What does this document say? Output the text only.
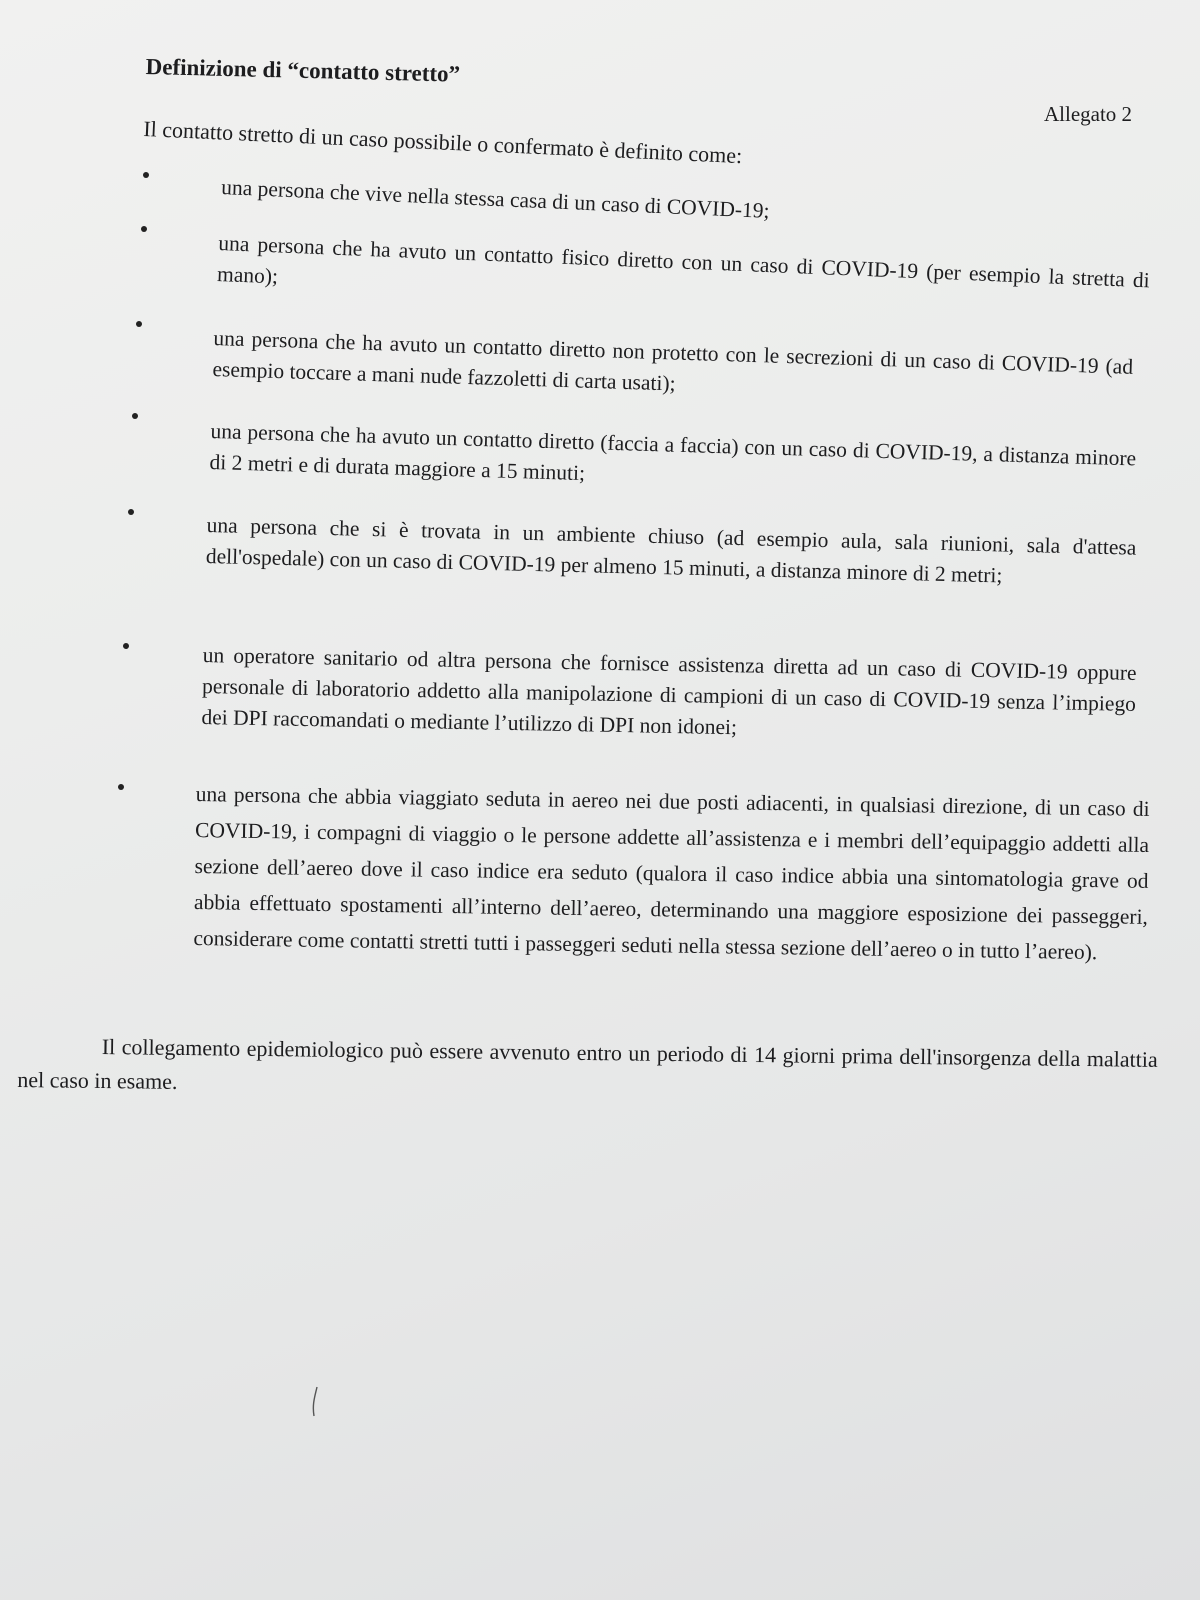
Definizione di “contatto stretto”
Allegato 2
Il contatto stretto di un caso possibile o confermato è definito come:
una persona che vive nella stessa casa di un caso di COVID-19;
una persona che ha avuto un contatto fisico diretto con un caso di COVID-19 (per esempio la stretta di mano);
una persona che ha avuto un contatto diretto non protetto con le secrezioni di un caso di COVID-19 (ad esempio toccare a mani nude fazzoletti di carta usati);
una persona che ha avuto un contatto diretto (faccia a faccia) con un caso di COVID-19, a distanza minore di 2 metri e di durata maggiore a 15 minuti;
una persona che si è trovata in un ambiente chiuso (ad esempio aula, sala riunioni, sala d'attesa dell'ospedale) con un caso di COVID-19 per almeno 15 minuti, a distanza minore di 2 metri;
un operatore sanitario od altra persona che fornisce assistenza diretta ad un caso di COVID-19 oppure personale di laboratorio addetto alla manipolazione di campioni di un caso di COVID-19 senza l’impiego dei DPI raccomandati o mediante l’utilizzo di DPI non idonei;
una persona che abbia viaggiato seduta in aereo nei due posti adiacenti, in qualsiasi direzione, di un caso di COVID-19, i compagni di viaggio o le persone addette all’assistenza e i membri dell’equipaggio addetti alla sezione dell’aereo dove il caso indice era seduto (qualora il caso indice abbia una sintomatologia grave od abbia effettuato spostamenti all’interno dell’aereo, determinando una maggiore esposizione dei passeggeri, considerare come contatti stretti tutti i passeggeri seduti nella stessa sezione dell’aereo o in tutto l’aereo).
Il collegamento epidemiologico può essere avvenuto entro un periodo di 14 giorni prima dell'insorgenza della malattia nel caso in esame.
